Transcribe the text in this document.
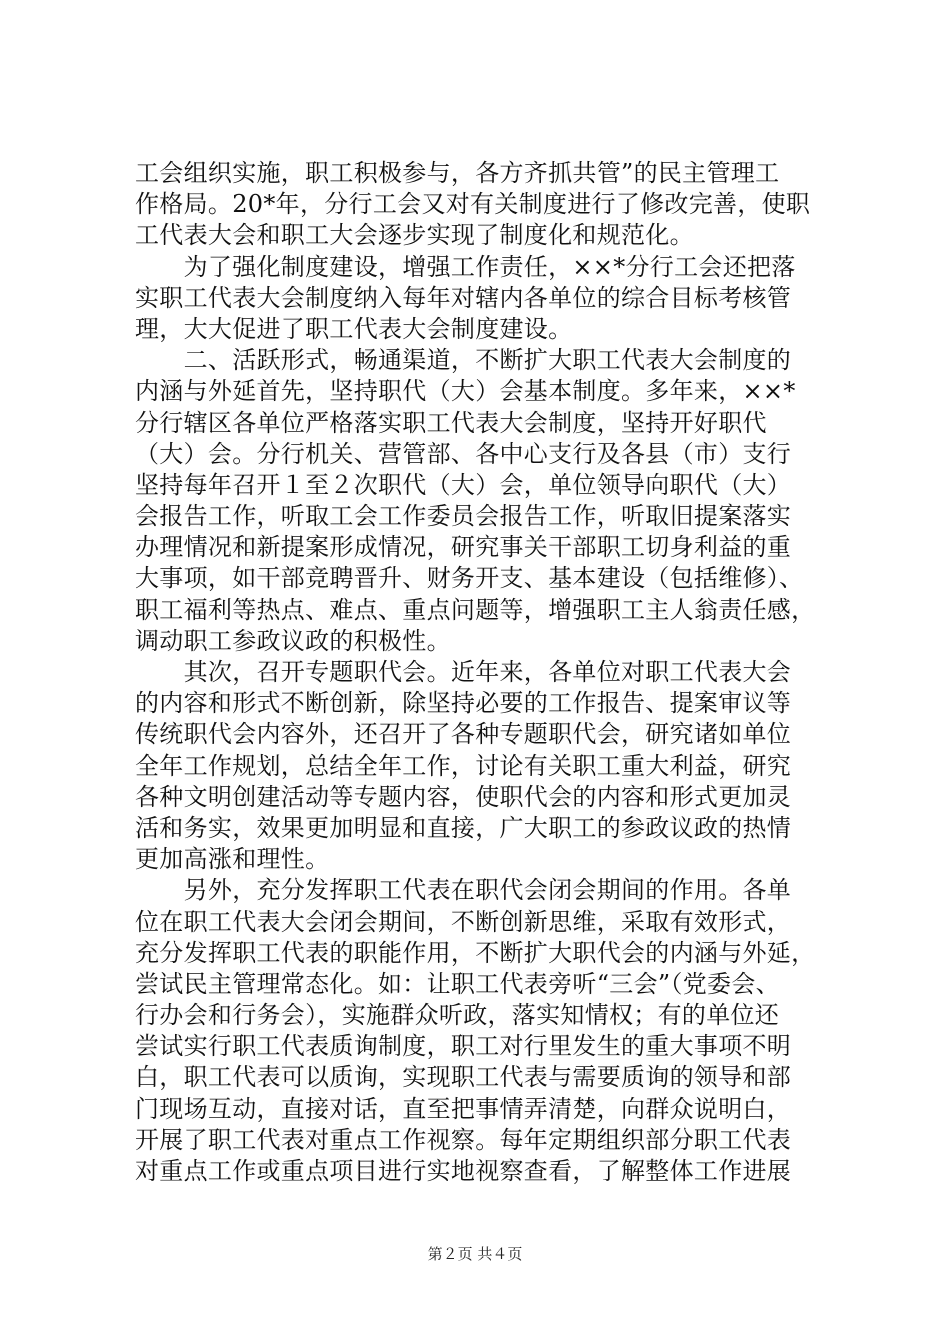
工会组织实施，职工积极参与，各方齐抓共管”的民主管理工
作格局。20*年，分行工会又对有关制度进行了修改完善，使职
工代表大会和职工大会逐步实现了制度化和规范化。
　　为了强化制度建设，增强工作责任，××*分行工会还把落
实职工代表大会制度纳入每年对辖内各单位的综合目标考核管
理，大大促进了职工代表大会制度建设。
　　二、活跃形式，畅通渠道，不断扩大职工代表大会制度的
内涵与外延首先，坚持职代（大）会基本制度。多年来，××*
分行辖区各单位严格落实职工代表大会制度，坚持开好职代
（大）会。分行机关、营管部、各中心支行及各县（市）支行
坚持每年召开１至２次职代（大）会，单位领导向职代（大）
会报告工作，听取工会工作委员会报告工作，听取旧提案落实
办理情况和新提案形成情况，研究事关干部职工切身利益的重
大事项，如干部竞聘晋升、财务开支、基本建设（包括维修）、
职工福利等热点、难点、重点问题等，增强职工主人翁责任感，
调动职工参政议政的积极性。
　　其次，召开专题职代会。近年来，各单位对职工代表大会
的内容和形式不断创新，除坚持必要的工作报告、提案审议等
传统职代会内容外，还召开了各种专题职代会，研究诸如单位
全年工作规划，总结全年工作，讨论有关职工重大利益，研究
各种文明创建活动等专题内容，使职代会的内容和形式更加灵
活和务实，效果更加明显和直接，广大职工的参政议政的热情
更加高涨和理性。
　　另外，充分发挥职工代表在职代会闭会期间的作用。各单
位在职工代表大会闭会期间，不断创新思维，采取有效形式，
充分发挥职工代表的职能作用，不断扩大职代会的内涵与外延，
尝试民主管理常态化。如：让职工代表旁听“三会”（党委会、
行办会和行务会），实施群众听政，落实知情权；有的单位还
尝试实行职工代表质询制度，职工对行里发生的重大事项不明
白，职工代表可以质询，实现职工代表与需要质询的领导和部
门现场互动，直接对话，直至把事情弄清楚，向群众说明白，
开展了职工代表对重点工作视察。每年定期组织部分职工代表
对重点工作或重点项目进行实地视察查看，了解整体工作进展
第２页 共４页
